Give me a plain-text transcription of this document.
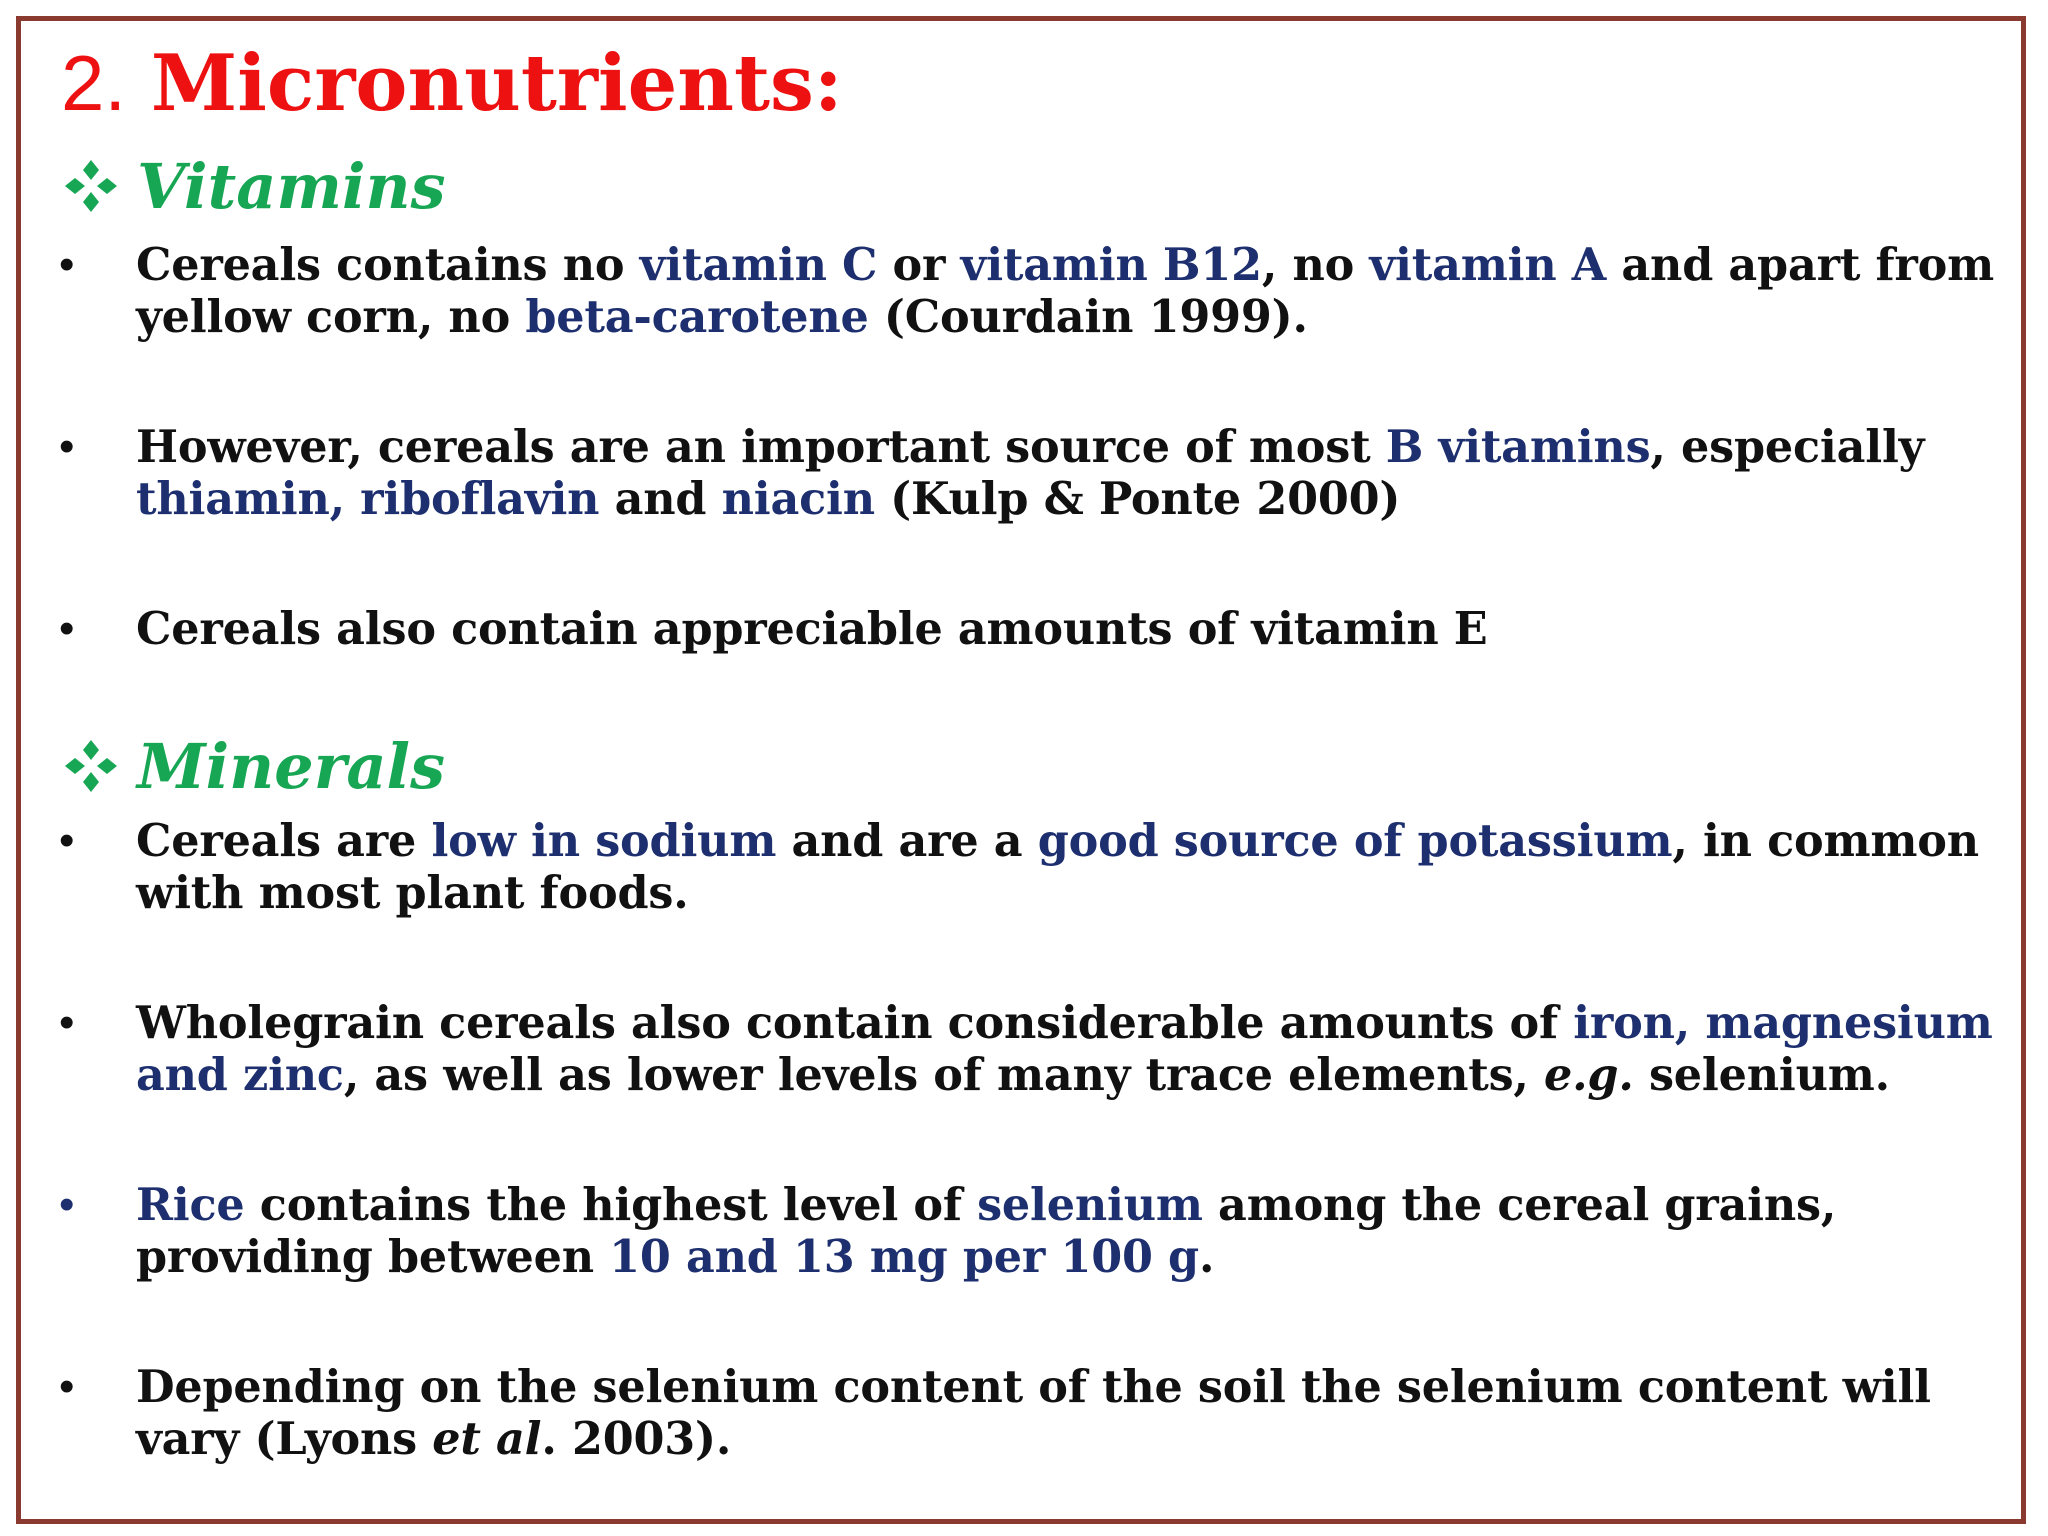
2. Micronutrients:
Vitamins
• Cereals contains no vitamin C or vitamin B12, no vitamin A and apart from yellow corn, no beta-carotene (Courdain 1999).
• However, cereals are an important source of most B vitamins, especially thiamin, riboflavin and niacin (Kulp & Ponte 2000)
• Cereals also contain appreciable amounts of vitamin E
Minerals
• Cereals are low in sodium and are a good source of potassium, in common with most plant foods.
• Wholegrain cereals also contain considerable amounts of iron, magnesium and zinc, as well as lower levels of many trace elements, e.g. selenium.
• Rice contains the highest level of selenium among the cereal grains, providing between 10 and 13 mg per 100 g.
• Depending on the selenium content of the soil the selenium content will vary (Lyons et al. 2003).
